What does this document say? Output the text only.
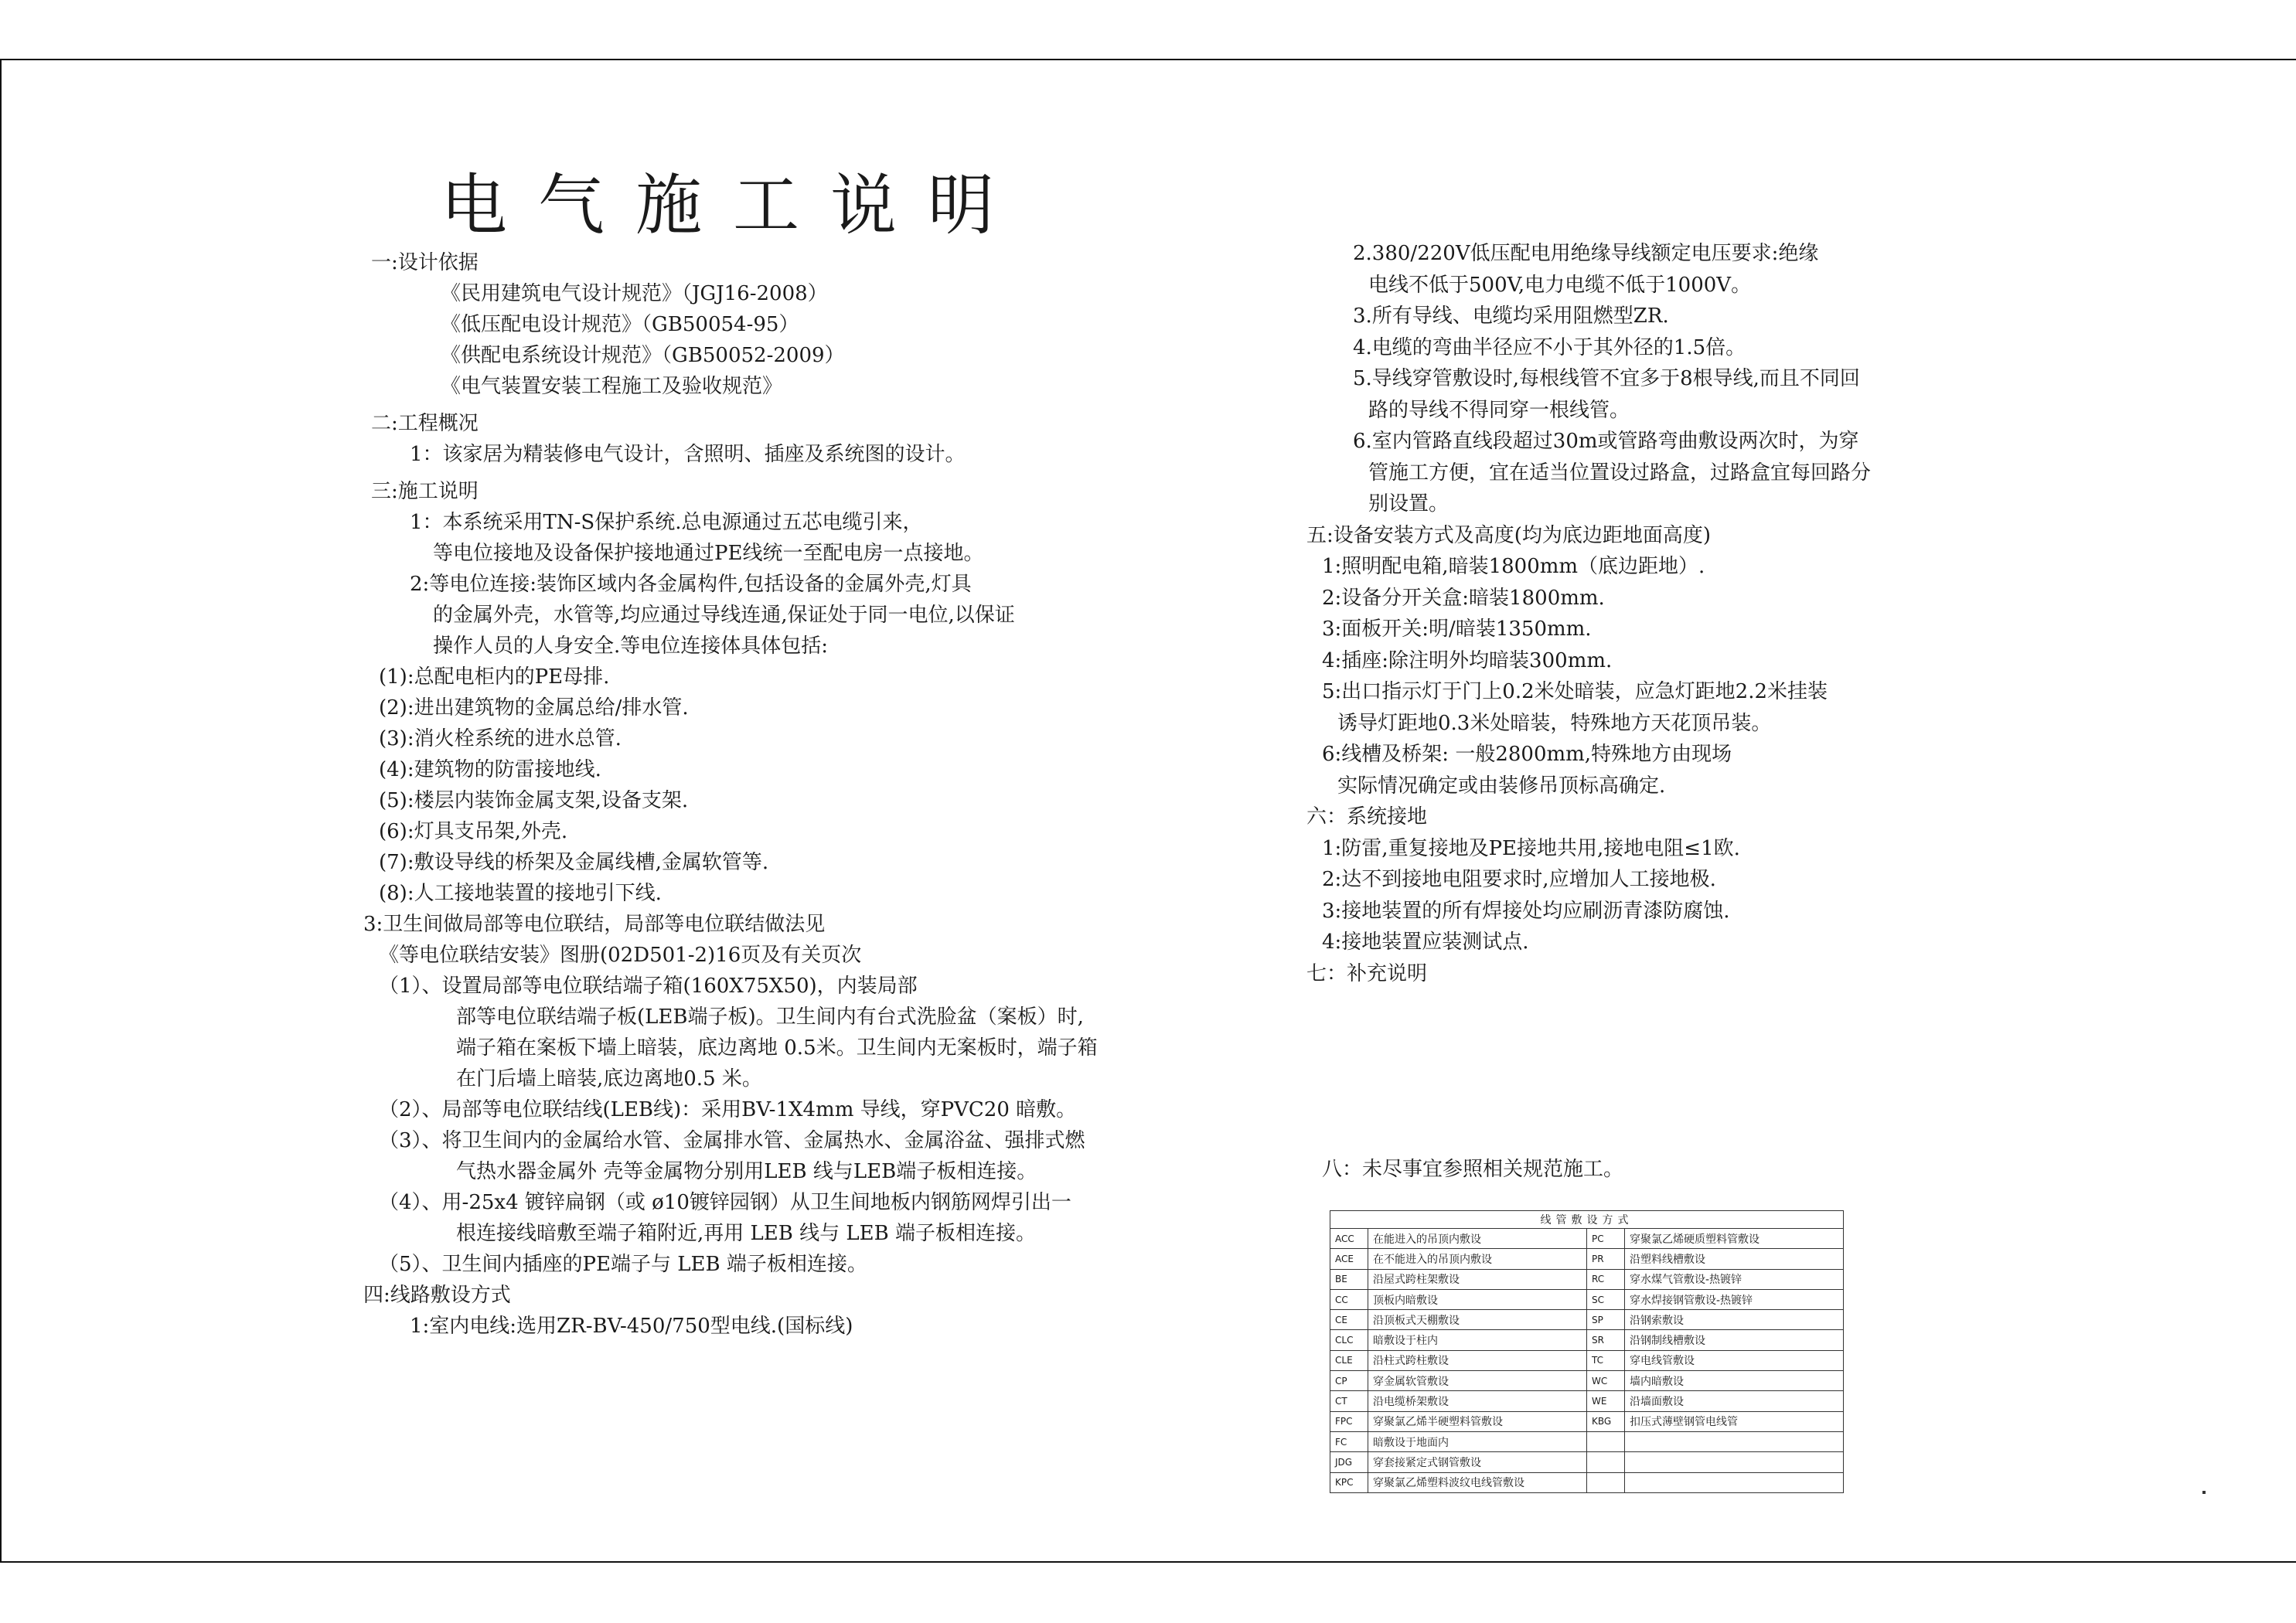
电气施工说明
一:设计依据
《民用建筑电气设计规范》（JGJ16-2008）
《低压配电设计规范》（GB50054-95）
《供配电系统设计规范》（GB50052-2009）
《电气装置安装工程施工及验收规范》
二:工程概况
1：该家居为精装修电气设计，含照明、插座及系统图的设计。
三:施工说明
1：本系统采用TN-S保护系统.总电源通过五芯电缆引来，
等电位接地及设备保护接地通过PE线统一至配电房一点接地。
2:等电位连接:装饰区域内各金属构件,包括设备的金属外壳,灯具
的金属外壳，水管等,均应通过导线连通,保证处于同一电位,以保证
操作人员的人身安全.等电位连接体具体包括:
(1):总配电柜内的PE母排.
(2):进出建筑物的金属总给/排水管.
(3):消火栓系统的进水总管.
(4):建筑物的防雷接地线.
(5):楼层内装饰金属支架,设备支架.
(6):灯具支吊架,外壳.
(7):敷设导线的桥架及金属线槽,金属软管等.
(8):人工接地装置的接地引下线.
3:卫生间做局部等电位联结，局部等电位联结做法见
《等电位联结安装》图册(02D501-2)16页及有关页次
（1）、设置局部等电位联结端子箱(160X75X50)，内装局部
部等电位联结端子板(LEB端子板)。卫生间内有台式洗脸盆（案板）时,
端子箱在案板下墙上暗装，底边离地 0.5米。卫生间内无案板时，端子箱
在门后墙上暗装,底边离地0.5 米。
（2）、局部等电位联结线(LEB线)：采用BV-1X4mm 导线，穿PVC20 暗敷。
（3）、将卫生间内的金属给水管、金属排水管、金属热水、金属浴盆、强排式燃
气热水器金属外 壳等金属物分别用LEB 线与LEB端子板相连接。
（4）、用-25x4 镀锌扁钢（或 ø10镀锌园钢）从卫生间地板内钢筋网焊引出一
根连接线暗敷至端子箱附近,再用 LEB 线与 LEB 端子板相连接。
（5）、卫生间内插座的PE端子与 LEB 端子板相连接。
四:线路敷设方式
1:室内电线:选用ZR-BV-450/750型电线.(国标线)
2.380/220V低压配电用绝缘导线额定电压要求:绝缘
电线不低于500V,电力电缆不低于1000V。
3.所有导线、电缆均采用阻燃型ZR.
4.电缆的弯曲半径应不小于其外径的1.5倍。
5.导线穿管敷设时,每根线管不宜多于8根导线,而且不同回
路的导线不得同穿一根线管。
6.室内管路直线段超过30m或管路弯曲敷设两次时，为穿
管施工方便，宜在适当位置设过路盒，过路盒宜每回路分
别设置。
五:设备安装方式及高度(均为底边距地面高度)
1:照明配电箱,暗装1800mm（底边距地）.
2:设备分开关盒:暗装1800mm.
3:面板开关:明/暗装1350mm.
4:插座:除注明外均暗装300mm.
5:出口指示灯于门上0.2米处暗装，应急灯距地2.2米挂装
诱导灯距地0.3米处暗装，特殊地方天花顶吊装。
6:线槽及桥架: 一般2800mm,特殊地方由现场
实际情况确定或由装修吊顶标高确定.
六：系统接地
1:防雷,重复接地及PE接地共用,接地电阻≤1欧.
2:达不到接地电阻要求时,应增加人工接地极.
3:接地装置的所有焊接处均应刷沥青漆防腐蚀.
4:接地装置应装测试点.
七：补充说明
八：未尽事宜参照相关规范施工。
线管敷设方式			
ACC	在能进入的吊顶内敷设	PC	穿聚氯乙烯硬质塑料管敷设
ACE	在不能进入的吊顶内敷设	PR	沿塑料线槽敷设
BE	沿屋式跨柱架敷设	RC	穿水煤气管敷设-热镀锌
CC	顶板内暗敷设	SC	穿水焊接钢管敷设-热镀锌
CE	沿顶板式天棚敷设	SP	沿钢索敷设
CLC	暗敷设于柱内	SR	沿钢制线槽敷设
CLE	沿柱式跨柱敷设	TC	穿电线管敷设
CP	穿金属软管敷设	WC	墙内暗敷设
CT	沿电缆桥架敷设	WE	沿墙面敷设
FPC	穿聚氯乙烯半硬塑料管敷设	KBG	扣压式薄壁钢管电线管
FC	暗敷设于地面内		
JDG	穿套接紧定式钢管敷设		
KPC	穿聚氯乙烯塑料波纹电线管敷设		
